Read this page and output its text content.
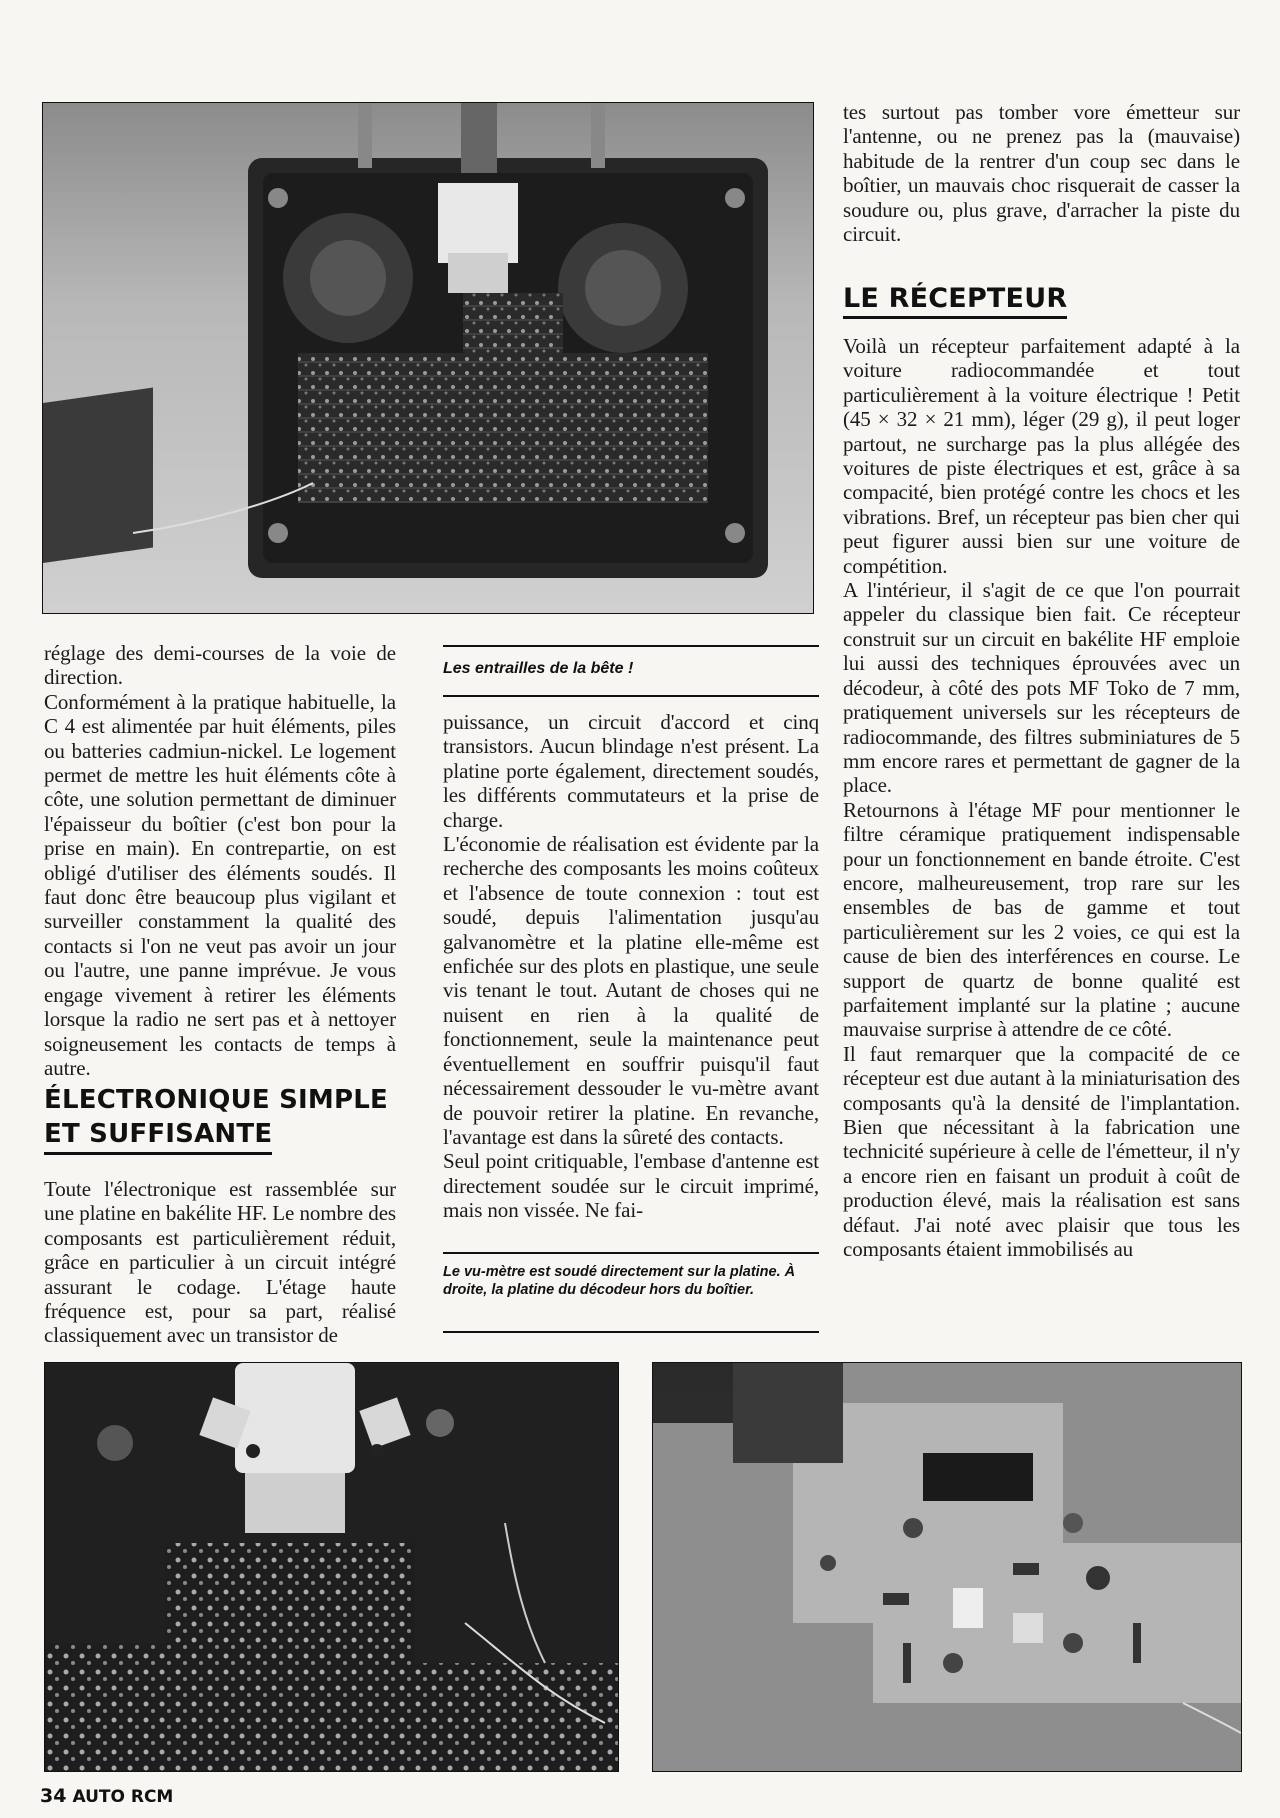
tes surtout pas tomber vore émetteur sur l'antenne, ou ne prenez pas la (mauvaise) habitude de la rentrer d'un coup sec dans le boîtier, un mauvais choc risquerait de casser la soudure ou, plus grave, d'arracher la piste du circuit.

LE RÉCEPTEUR

Voilà un récepteur parfaitement adapté à la voiture radiocommandée et tout particulièrement à la voiture électrique ! Petit (45 × 32 × 21 mm), léger (29 g), il peut loger partout, ne surcharge pas la plus allégée des voitures de piste électriques et est, grâce à sa compacité, bien protégé contre les chocs et les vibrations. Bref, un récepteur pas bien cher qui peut figurer aussi bien sur une voiture de compétition.

A l'intérieur, il s'agit de ce que l'on pourrait appeler du classique bien fait. Ce récepteur construit sur un circuit en bakélite HF emploie lui aussi des techniques éprouvées avec un décodeur, à côté des pots MF Toko de 7 mm, pratiquement universels sur les récepteurs de radiocommande, des filtres subminiatures de 5 mm encore rares et permettant de gagner de la place.

Retournons à l'étage MF pour mentionner le filtre céramique pratiquement indispensable pour un fonctionnement en bande étroite. C'est encore, malheureusement, trop rare sur les ensembles de bas de gamme et tout particulièrement sur les 2 voies, ce qui est la cause de bien des interférences en course. Le support de quartz de bonne qualité est parfaitement implanté sur la platine ; aucune mauvaise surprise à attendre de ce côté.

Il faut remarquer que la compacité de ce récepteur est due autant à la miniaturisation des composants qu'à la densité de l'implantation. Bien que nécessitant à la fabrication une technicité supérieure à celle de l'émetteur, il n'y a encore rien en faisant un produit à coût de production élevé, mais la réalisation est sans défaut. J'ai noté avec plaisir que tous les composants étaient immobilisés au

réglage des demi-courses de la voie de direction.

Conformément à la pratique habituelle, la C 4 est alimentée par huit éléments, piles ou batteries cadmiun-nickel. Le logement permet de mettre les huit éléments côte à côte, une solution permettant de diminuer l'épaisseur du boîtier (c'est bon pour la prise en main). En contrepartie, on est obligé d'utiliser des éléments soudés. Il faut donc être beaucoup plus vigilant et surveiller constamment la qualité des contacts si l'on ne veut pas avoir un jour ou l'autre, une panne imprévue. Je vous engage vivement à retirer les éléments lorsque la radio ne sert pas et à nettoyer soigneusement les contacts de temps à autre.

ÉLECTRONIQUE SIMPLE
ET SUFFISANTE

Toute l'électronique est rassemblée sur une platine en bakélite HF. Le nombre des composants est particulièrement réduit, grâce en particulier à un circuit intégré assurant le codage. L'étage haute fréquence est, pour sa part, réalisé classiquement avec un transistor de

Les entrailles de la bête !

puissance, un circuit d'accord et cinq transistors. Aucun blindage n'est présent. La platine porte également, directement soudés, les différents commutateurs et la prise de charge.

L'économie de réalisation est évidente par la recherche des composants les moins coûteux et l'absence de toute connexion : tout est soudé, depuis l'alimentation jusqu'au galvanomètre et la platine elle-même est enfichée sur des plots en plastique, une seule vis tenant le tout. Autant de choses qui ne nuisent en rien à la qualité de fonctionnement, seule la maintenance peut éventuellement en souffrir puisqu'il faut nécessairement dessouder le vu-mètre avant de pouvoir retirer la platine. En revanche, l'avantage est dans la sûreté des contacts.

Seul point critiquable, l'embase d'antenne est directement soudée sur le circuit imprimé, mais non vissée. Ne fai-

Le vu-mètre est soudé directement sur la platine. À droite, la platine du décodeur hors du boîtier.
34 AUTO RCM
